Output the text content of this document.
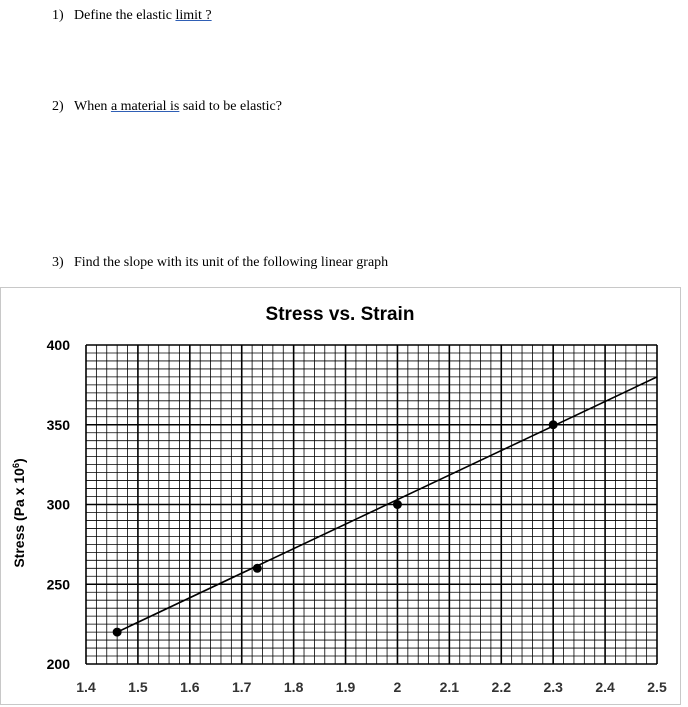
1) Define the elastic limit ?
2) When a material is said to be elastic?
3) Find the slope with its unit of the following linear graph
Stress vs. Strain
1.4 1.5 1.6 1.7 1.8 1.9	2	2.1 2.2 2.3 2.4 2.5
200
250
300
350
400
Stress (Pa x $10^6$)
